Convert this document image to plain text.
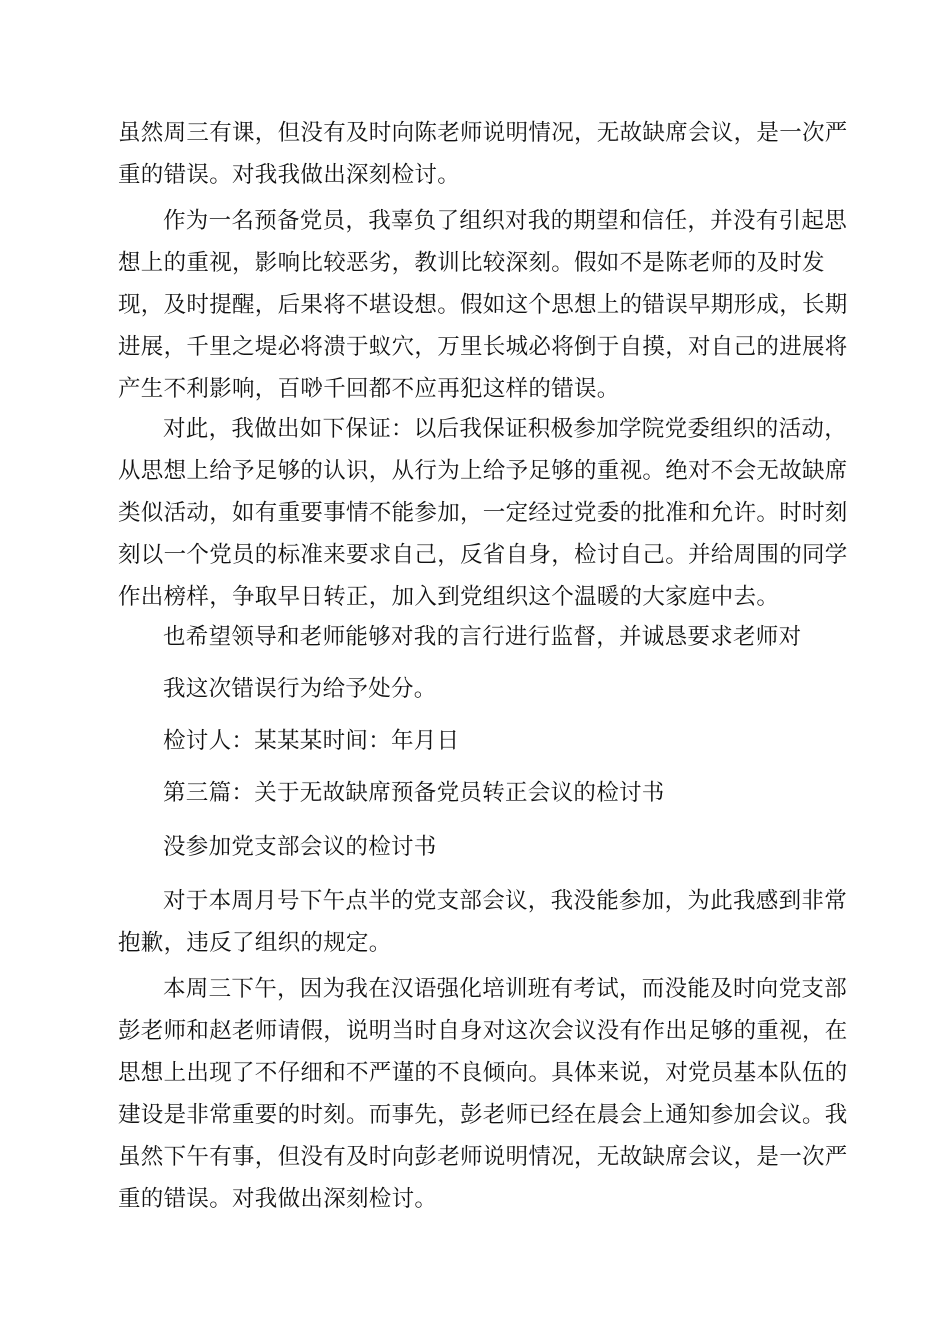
虽然周三有课，但没有及时向陈老师说明情况，无故缺席会议，是一次严
重的错误。对我我做出深刻检讨。
作为一名预备党员，我辜负了组织对我的期望和信任，并没有引起思
想上的重视，影响比较恶劣，教训比较深刻。假如不是陈老师的及时发
现，及时提醒，后果将不堪设想。假如这个思想上的错误早期形成，长期
进展，千里之堤必将溃于蚁穴，万里长城必将倒于自摸，对自己的进展将
产生不利影响，百唦千回都不应再犯这样的错误。
对此，我做出如下保证：以后我保证积极参加学院党委组织的活动，
从思想上给予足够的认识，从行为上给予足够的重视。绝对不会无故缺席
类似活动，如有重要事情不能参加，一定经过党委的批准和允许。时时刻
刻以一个党员的标准来要求自己，反省自身，检讨自己。并给周围的同学
作出榜样，争取早日转正，加入到党组织这个温暖的大家庭中去。
也希望领导和老师能够对我的言行进行监督，并诚恳要求老师对
我这次错误行为给予处分。
检讨人：某某某时间：年月日
第三篇：关于无故缺席预备党员转正会议的检讨书
没参加党支部会议的检讨书
对于本周月号下午点半的党支部会议，我没能参加，为此我感到非常
抱歉，违反了组织的规定。
本周三下午，因为我在汉语强化培训班有考试，而没能及时向党支部
彭老师和赵老师请假，说明当时自身对这次会议没有作出足够的重视，在
思想上出现了不仔细和不严谨的不良倾向。具体来说，对党员基本队伍的
建设是非常重要的时刻。而事先，彭老师已经在晨会上通知参加会议。我
虽然下午有事，但没有及时向彭老师说明情况，无故缺席会议，是一次严
重的错误。对我做出深刻检讨。
